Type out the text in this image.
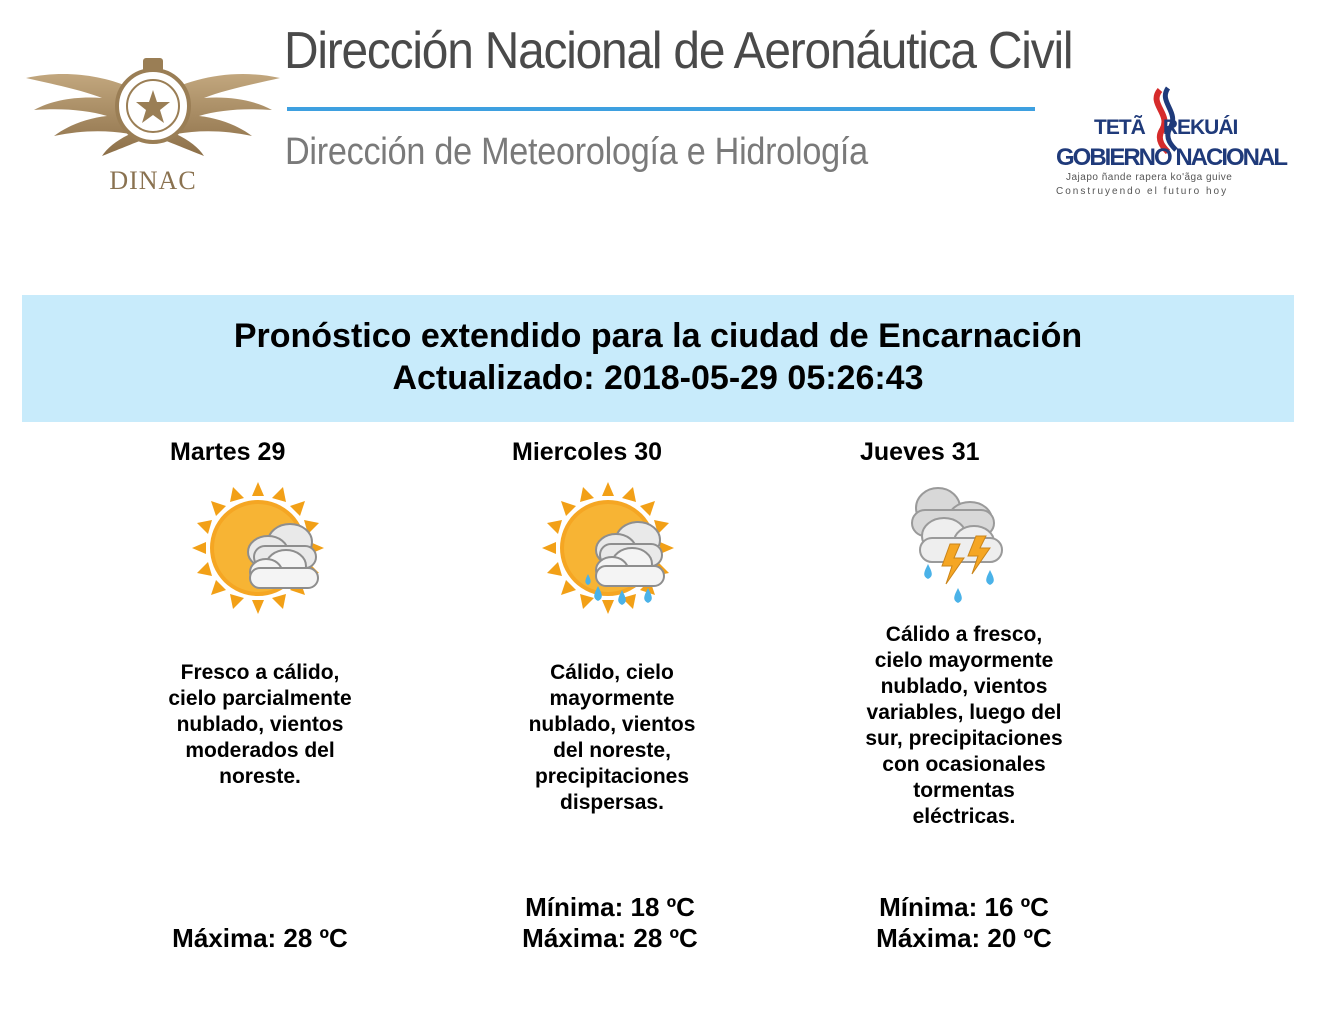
DINAC
Dirección Nacional de Aeronáutica Civil
Dirección de Meteorología e Hidrología
TETÃ REKUÁI
GOBIERNO NACIONAL
Jajapo ñande rapera ko'ãga guive
Construyendo el futuro hoy
Pronóstico extendido para la ciudad de Encarnación
Actualizado: 2018-05-29 05:26:43
Martes 29
Fresco a cálido, cielo parcialmente nublado, vientos moderados del noreste.
Máxima: 28 ºC
Miercoles 30
Cálido, cielo mayormente nublado, vientos del noreste, precipitaciones dispersas.
Mínima: 18 ºC
Máxima: 28 ºC
Jueves 31
Cálido a fresco, cielo mayormente nublado, vientos variables, luego del sur, precipitaciones con ocasionales tormentas eléctricas.
Mínima: 16 ºC
Máxima: 20 ºC
